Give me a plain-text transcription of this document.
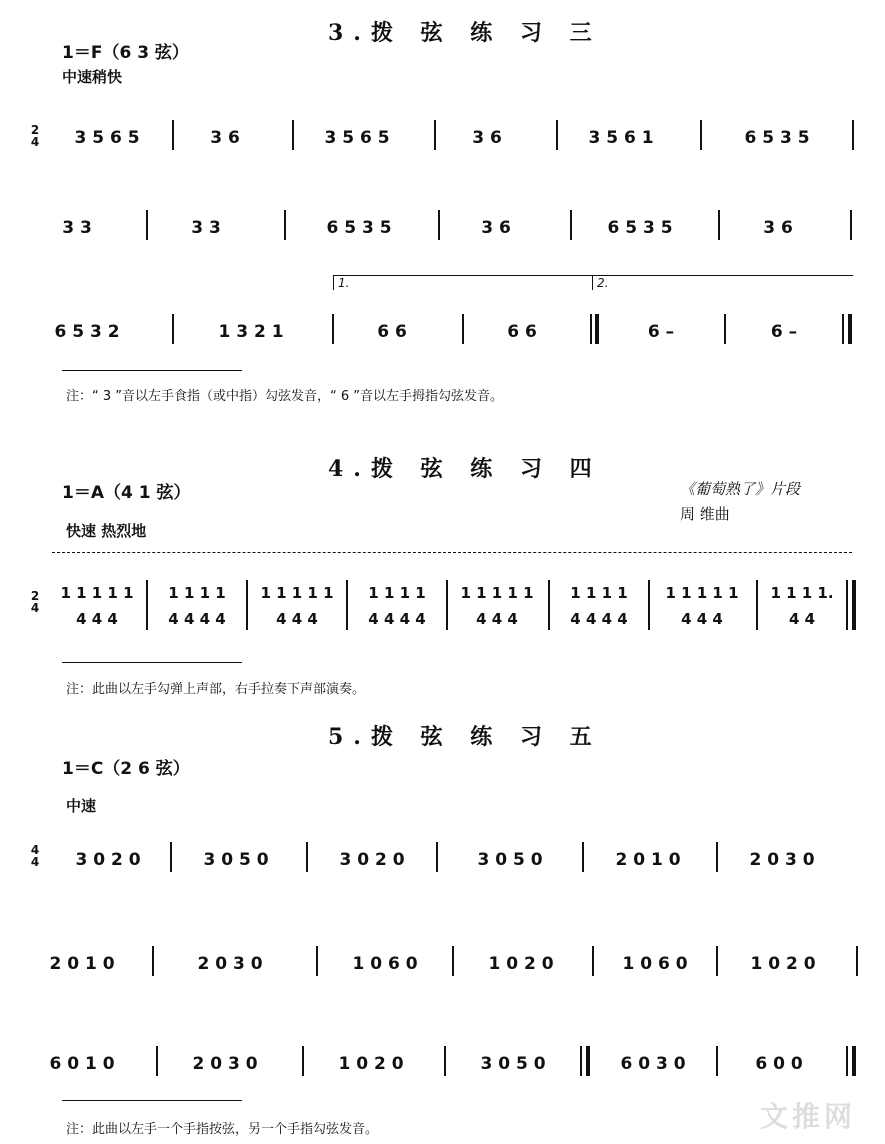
3.拨 弦 练 习 三
1＝F（6 3 弦）
中速稍快
2
4	3 5 6 5	3 6	3 5 6 5	3 6	3 5 6 1	6 5 3 5
3 3	3 3	6 5 3 5	3 6	6 5 3 5	3 6
1.	2.
6 5 3 2	1 3 2 1	6 6	6 6	6 –	6 –
注：“ 3 ”音以左手食指（或中指）勾弦发音，“ 6 ”音以左手拇指勾弦发音。
4.拨 弦 练 习 四
1＝A（4 1 弦）	《葡萄熟了》片段
快速 热烈地
周 维曲
2
4
1 1 1 1 1	1 1 1 1	1 1 1 1 1	1 1 1 1	1 1 1 1 1	1 1 1 1	1 1 1 1 1	1 1 1 1.
4 4 4	4 4 4 4	4 4 4	4 4 4 4	4 4 4	4 4 4 4	4 4 4	4 4
注：此曲以左手勾弹上声部，右手拉奏下声部演奏。
5.拨 弦 练 习 五
1＝C（2 6 弦）
中速
4
4	3 0 2 0	3 0 5 0	3 0 2 0	3 0 5 0	2 0 1 0	2 0 3 0
2 0 1 0	2 0 3 0	1 0 6 0	1 0 2 0	1 0 6 0	1 0 2 0
6 0 1 0	2 0 3 0	1 0 2 0	3 0 5 0	6 0 3 0	6 0 0
注：此曲以左手一个手指按弦，另一个手指勾弦发音。	文推网
